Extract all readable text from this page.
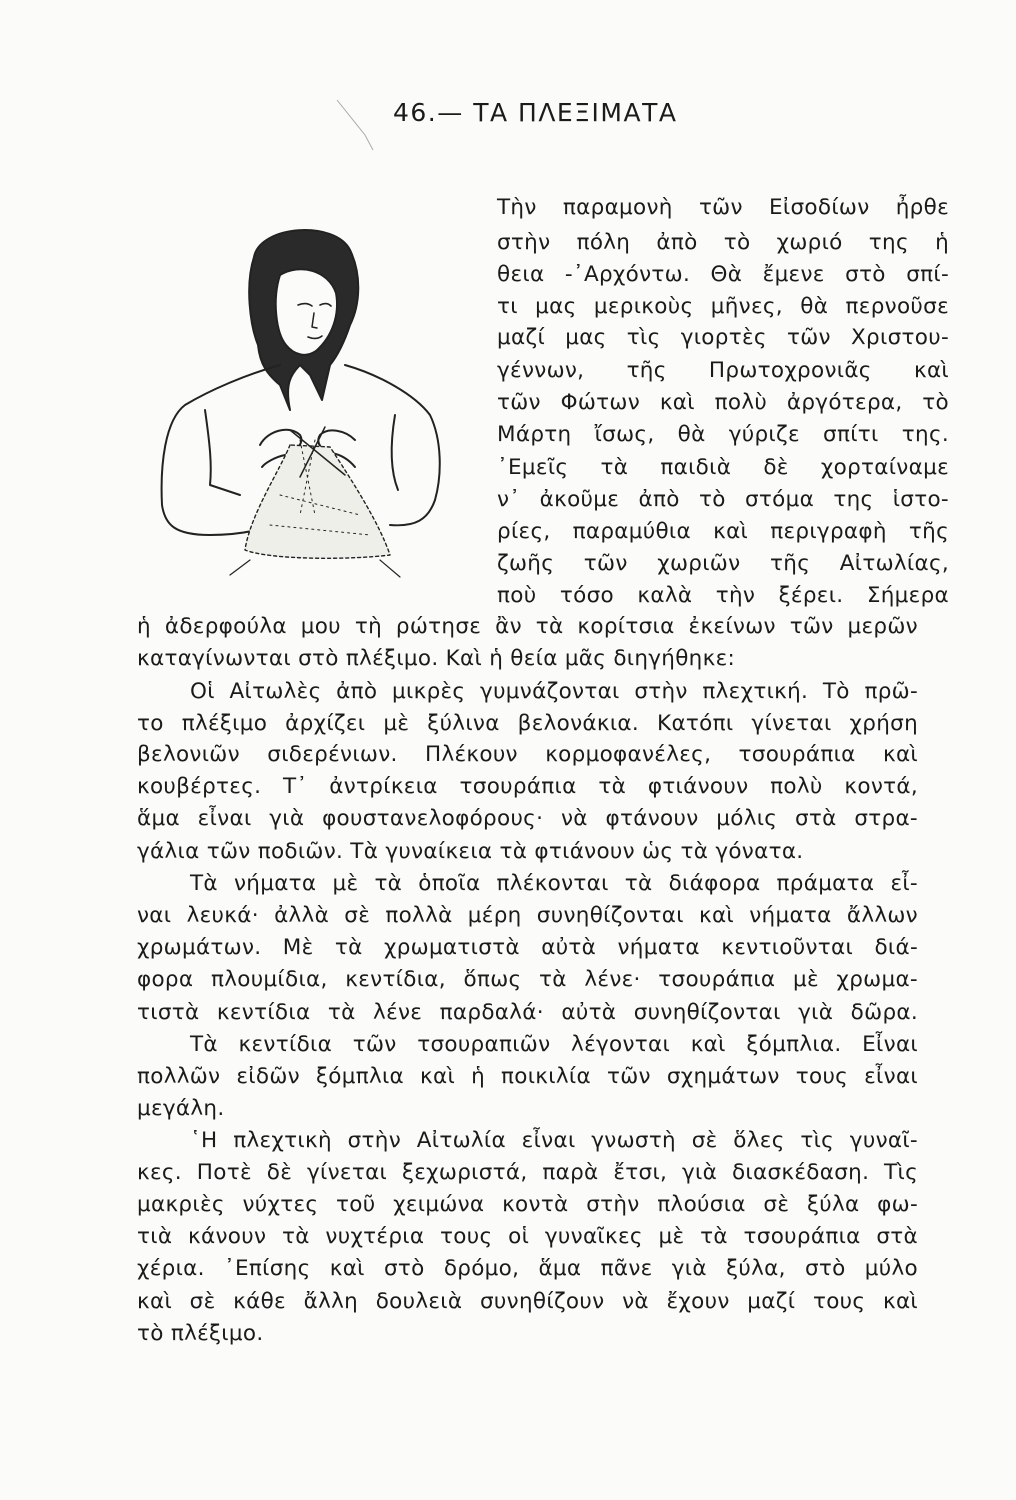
46.— ΤΑ ΠΛΕΞΙΜΑΤΑ
Τὴν παραμονὴ τῶν Εἰσοδίων ἦρθε
στὴν πόλη ἀπὸ τὸ χωριό της ἡ
θεια -᾿Αρχόντω. Θὰ ἔμενε στὸ σπί-
τι μας μερικοὺς μῆνες, θὰ περνοῦσε
μαζί μας τὶς γιορτὲς τῶν Χριστου-
γέννων, τῆς Πρωτοχρονιᾶς καὶ
τῶν Φώτων καὶ πολὺ ἀργότερα, τὸ
Μάρτη ἴσως, θὰ γύριζε σπίτι της.
᾿Εμεῖς τὰ παιδιὰ δὲ χορταίναμε
ν᾿ ἀκοῦμε ἀπὸ τὸ στόμα της ἱστο-
ρίες, παραμύθια καὶ περιγραφὴ τῆς
ζωῆς τῶν χωριῶν τῆς Αἰτωλίας,
ποὺ τόσο καλὰ τὴν ξέρει. Σήμερα
ἡ ἀδερφούλα μου τὴ ρώτησε ἂν τὰ κορίτσια ἐκείνων τῶν μερῶν
καταγίνωνται στὸ πλέξιμο. Καὶ ἡ θεία μᾶς διηγήθηκε:
Οἱ Αἰτωλὲς ἀπὸ μικρὲς γυμνάζονται στὴν πλεχτική. Τὸ πρῶ-
το πλέξιμο ἀρχίζει μὲ ξύλινα βελονάκια. Κατόπι γίνεται χρήση
βελονιῶν σιδερένιων. Πλέκουν κορμοφανέλες, τσουράπια καὶ
κουβέρτες. Τ᾿ ἀντρίκεια τσουράπια τὰ φτιάνουν πολὺ κοντά,
ἅμα εἶναι γιὰ φουστανελοφόρους· νὰ φτάνουν μόλις στὰ στρα-
γάλια τῶν ποδιῶν. Τὰ γυναίκεια τὰ φτιάνουν ὡς τὰ γόνατα.
Τὰ νήματα μὲ τὰ ὁποῖα πλέκονται τὰ διάφορα πράματα εἶ-
ναι λευκά· ἀλλὰ σὲ πολλὰ μέρη συνηθίζονται καὶ νήματα ἄλλων
χρωμάτων. Μὲ τὰ χρωματιστὰ αὐτὰ νήματα κεντιοῦνται διά-
φορα πλουμίδια, κεντίδια, ὅπως τὰ λένε· τσουράπια μὲ χρωμα-
τιστὰ κεντίδια τὰ λένε παρδαλά· αὐτὰ συνηθίζονται γιὰ δῶρα.
Τὰ κεντίδια τῶν τσουραπιῶν λέγονται καὶ ξόμπλια. Εἶναι
πολλῶν εἰδῶν ξόμπλια καὶ ἡ ποικιλία τῶν σχημάτων τους εἶναι
μεγάλη.
῾Η πλεχτικὴ στὴν Αἰτωλία εἶναι γνωστὴ σὲ ὅλες τὶς γυναῖ-
κες. Ποτὲ δὲ γίνεται ξεχωριστά, παρὰ ἔτσι, γιὰ διασκέδαση. Τὶς
μακριὲς νύχτες τοῦ χειμώνα κοντὰ στὴν πλούσια σὲ ξύλα φω-
τιὰ κάνουν τὰ νυχτέρια τους οἱ γυναῖκες μὲ τὰ τσουράπια στὰ
χέρια. ᾿Επίσης καὶ στὸ δρόμο, ἅμα πᾶνε γιὰ ξύλα, στὸ μύλο
καὶ σὲ κάθε ἄλλη δουλειὰ συνηθίζουν νὰ ἔχουν μαζί τους καὶ
τὸ πλέξιμο.
